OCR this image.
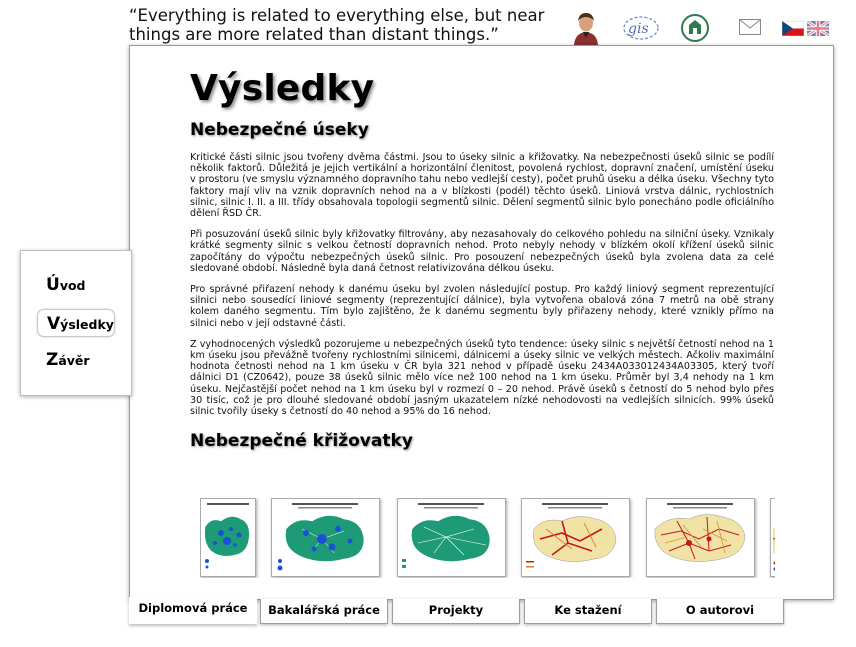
“Everything is related to everything else, but near
things are more related than distant things.”	gis
Výsledky
Nebezpečné úseky

Kritické části silnic jsou tvořeny dvěma částmi. Jsou to úseky silnic a křižovatky. Na nebezpečnosti úseků silnic se podílí několik faktorů. Důležitá je jejich vertikální a horizontální členitost, povolená rychlost, dopravní značení, umístění úseku v prostoru (ve smyslu významného dopravního tahu nebo vedlejší cesty), počet pruhů úseku a délka úseku. Všechny tyto faktory mají vliv na vznik dopravních nehod na a v blízkosti (podél) těchto úseků. Liniová vrstva dálnic, rychlostních silnic, silnic I. II. a III. třídy obsahovala topologii segmentů silnic. Dělení segmentů silnic bylo ponecháno podle oficiálního dělení ŘSD ČR.

Při posuzování úseků silnic byly křižovatky filtrovány, aby nezasahovaly do celkového pohledu na silniční úseky. Vznikaly krátké segmenty silnic s velkou četností dopravních nehod. Proto nebyly nehody v blízkém okolí křížení úseků silnic započítány do výpočtu nebezpečných úseků silnic. Pro posouzení nebezpečných úseků byla zvolena data za celé sledované období. Následně byla daná četnost relativizována délkou úseku.

Pro správné přiřazení nehody k danému úseku byl zvolen následující postup. Pro každý liniový segment reprezentující silnici nebo sousedící liniové segmenty (reprezentující dálnice), byla vytvořena obalová zóna 7 metrů na obě strany kolem daného segmentu. Tím bylo zajištěno, že k danému segmentu byly přiřazeny nehody, které vznikly přímo na silnici nebo v její odstavné části.

Z vyhodnocených výsledků pozorujeme u nebezpečných úseků tyto tendence: úseky silnic s největší četností nehod na 1 km úseku jsou převážně tvořeny rychlostními silnicemi, dálnicemi a úseky silnic ve velkých městech. Ačkoliv maximální hodnota četnosti nehod na 1 km úseku v ČR byla 321 nehod v případě úseku 2434A033012434A03305, který tvoří dálnici D1 (CZ0642), pouze 38 úseků silnic mělo více než 100 nehod na 1 km úseku. Průměr byl 3,4 nehody na 1 km úseku. Nejčastější počet nehod na 1 km úseku byl v rozmezí 0 – 20 nehod. Právě úseků s četností do 5 nehod bylo přes 30 tisíc, což je pro dlouhé sledované období jasným ukazatelem nízké nehodovosti na vedlejších silnicích. 99% úseků silnic tvořily úseky s četností do 40 nehod a 95% do 16 nehod.

Nebezpečné křižovatky
Úvod
Výsledky
Závěr
Diplomová práce	Bakalářská práce	Projekty	Ke stažení	O autorovi
